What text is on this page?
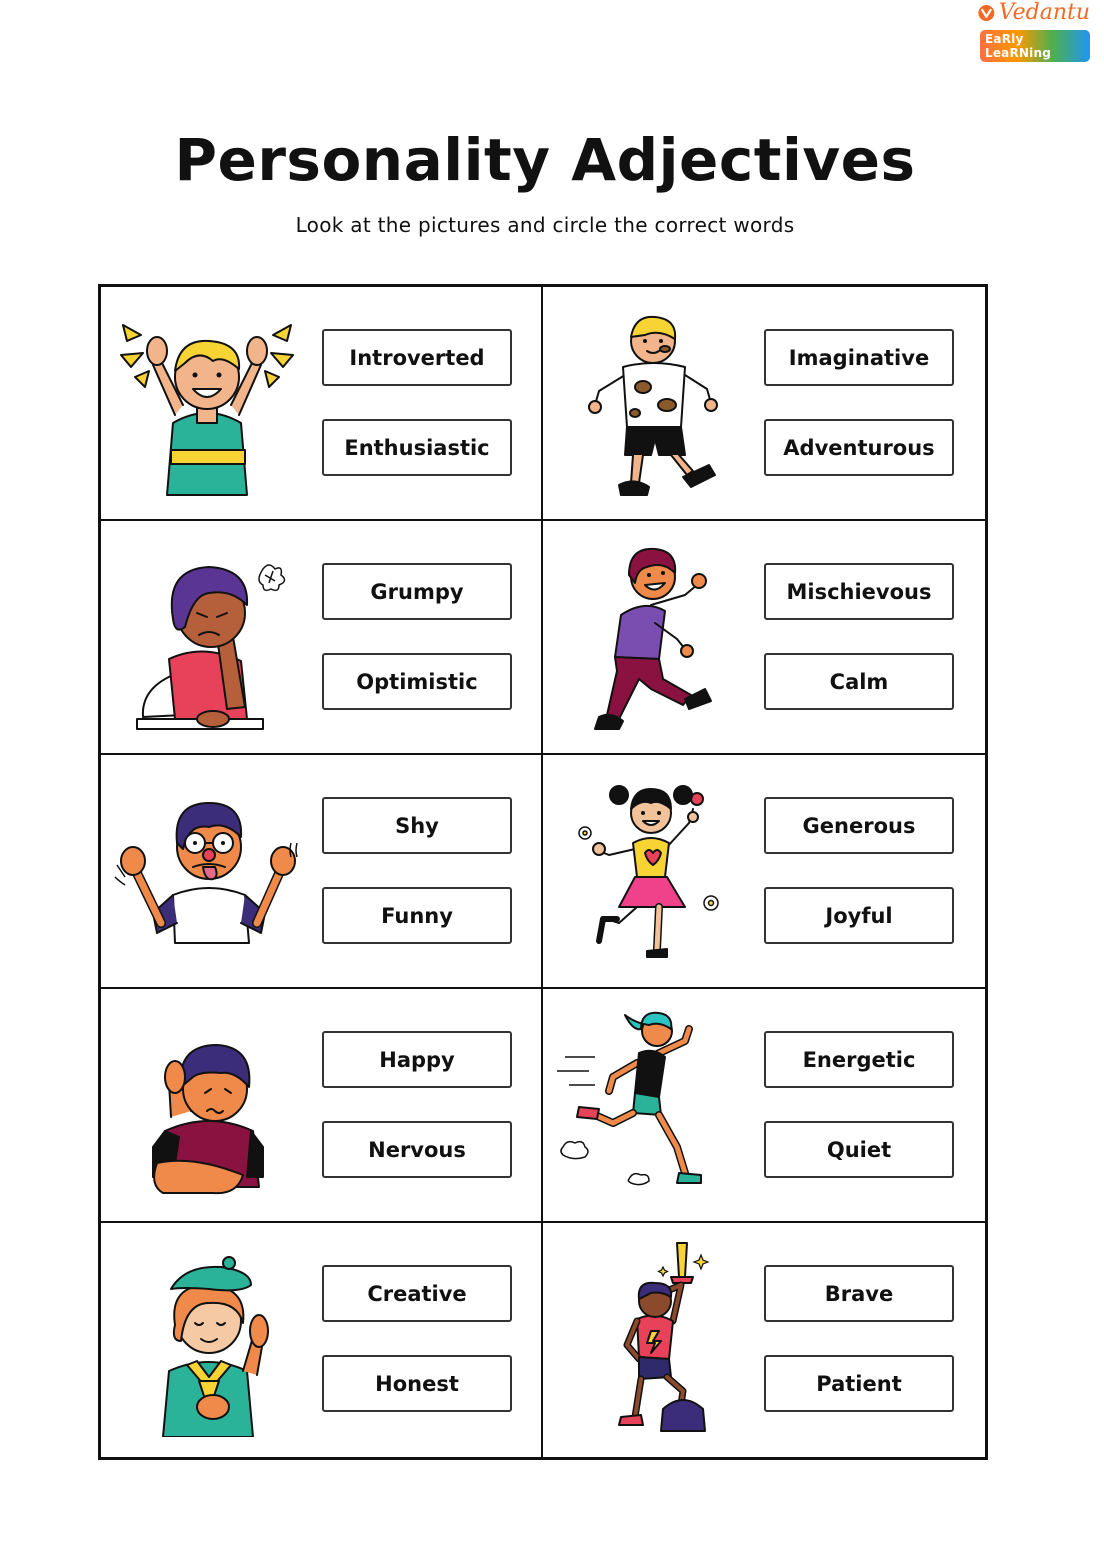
Vedantu
EaRly LeaRNing
Personality Adjectives
Look at the pictures and circle the correct words
Introverted
Enthusiastic
Imaginative
Adventurous
Grumpy
Optimistic
Mischievous
Calm
Shy
Funny
Generous
Joyful
Happy
Nervous
Energetic
Quiet
Creative
Honest
Brave
Patient
